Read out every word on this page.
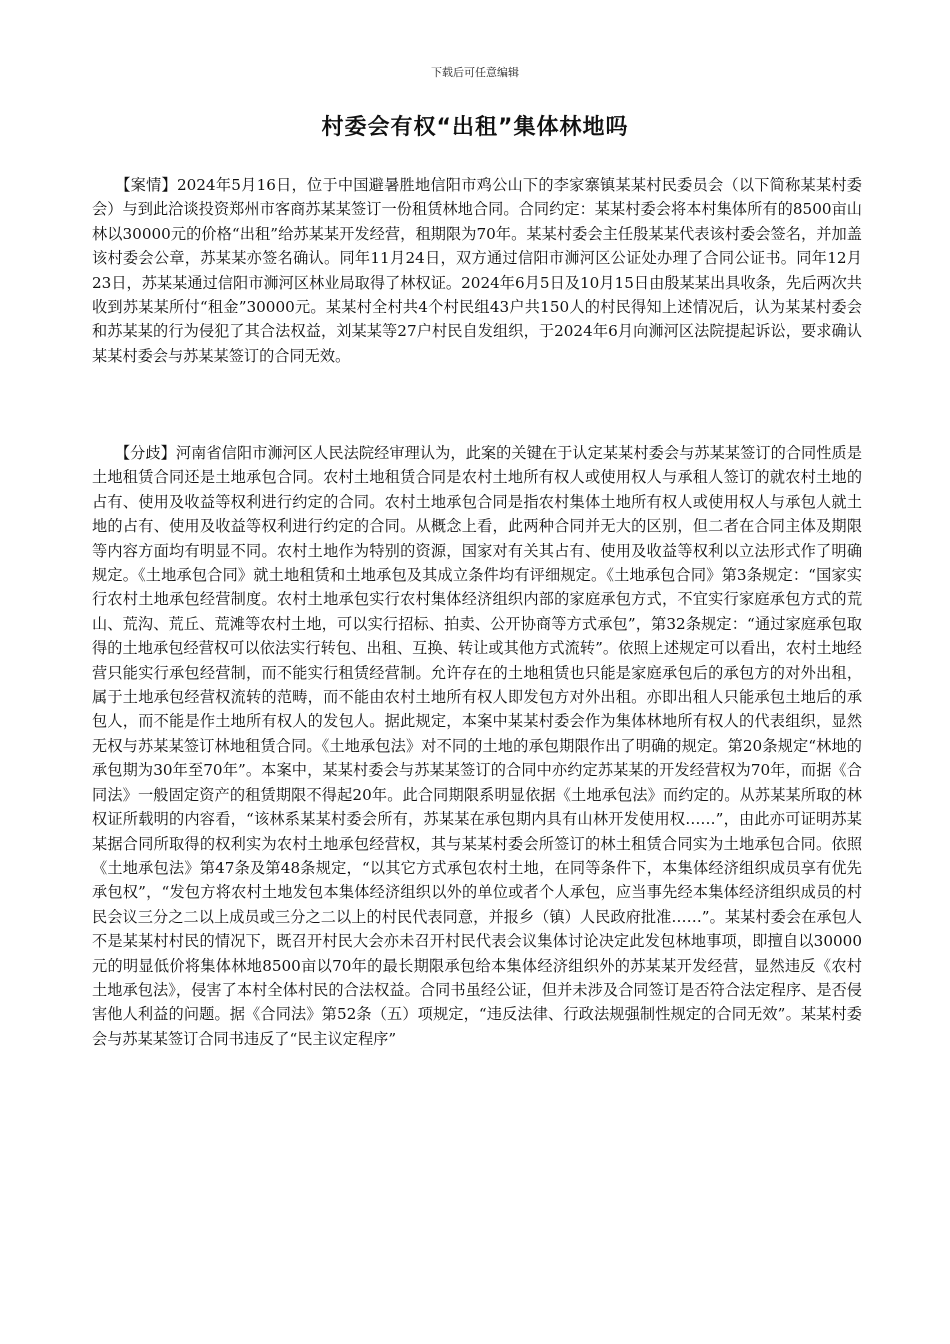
下载后可任意编辑
村委会有权“出租”集体林地吗

　　【案情】2024年5月16日，位于中国避暑胜地信阳市鸡公山下的李家寨镇某某村民委员会（以下简称某某村委会）与到此洽谈投资郑州市客商苏某某签订一份租赁林地合同。合同约定：某某村委会将本村集体所有的8500亩山林以30000元的价格“出租”给苏某某开发经营，租期限为70年。某某村委会主任殷某某代表该村委会签名，并加盖该村委会公章，苏某某亦签名确认。同年11月24日，双方通过信阳市浉河区公证处办理了合同公证书。同年12月23日，苏某某通过信阳市浉河区林业局取得了林权证。2024年6月5日及10月15日由殷某某出具收条，先后两次共收到苏某某所付“租金”30000元。某某村全村共4个村民组43户共150人的村民得知上述情况后，认为某某村委会和苏某某的行为侵犯了其合法权益，刘某某等27户村民自发组织，于2024年6月向浉河区法院提起诉讼，要求确认某某村委会与苏某某签订的合同无效。

　　【分歧】河南省信阳市浉河区人民法院经审理认为，此案的关键在于认定某某村委会与苏某某签订的合同性质是土地租赁合同还是土地承包合同。农村土地租赁合同是农村土地所有权人或使用权人与承租人签订的就农村土地的占有、使用及收益等权利进行约定的合同。农村土地承包合同是指农村集体土地所有权人或使用权人与承包人就土地的占有、使用及收益等权利进行约定的合同。从概念上看，此两种合同并无大的区别，但二者在合同主体及期限等内容方面均有明显不同。农村土地作为特别的资源，国家对有关其占有、使用及收益等权利以立法形式作了明确规定。《土地承包合同》就土地租赁和土地承包及其成立条件均有评细规定。《土地承包合同》第3条规定：“国家实行农村土地承包经营制度。农村土地承包实行农村集体经济组织内部的家庭承包方式，不宜实行家庭承包方式的荒山、荒沟、荒丘、荒滩等农村土地，可以实行招标、拍卖、公开协商等方式承包”，第32条规定：“通过家庭承包取得的土地承包经营权可以依法实行转包、出租、互换、转让或其他方式流转”。依照上述规定可以看出，农村土地经营只能实行承包经营制，而不能实行租赁经营制。允许存在的土地租赁也只能是家庭承包后的承包方的对外出租，属于土地承包经营权流转的范畴，而不能由农村土地所有权人即发包方对外出租。亦即出租人只能承包土地后的承包人，而不能是作土地所有权人的发包人。据此规定，本案中某某村委会作为集体林地所有权人的代表组织，显然无权与苏某某签订林地租赁合同。《土地承包法》对不同的土地的承包期限作出了明确的规定。第20条规定“林地的承包期为30年至70年”。本案中，某某村委会与苏某某签订的合同中亦约定苏某某的开发经营权为70年，而据《合同法》一般固定资产的租赁期限不得起20年。此合同期限系明显依据《土地承包法》而约定的。从苏某某所取的林权证所载明的内容看，“该林系某某村委会所有，苏某某在承包期内具有山林开发使用权……”，由此亦可证明苏某某据合同所取得的权利实为农村土地承包经营权，其与某某村委会所签订的林土租赁合同实为土地承包合同。依照《土地承包法》第47条及第48条规定，“以其它方式承包农村土地，在同等条件下，本集体经济组织成员享有优先承包权”，“发包方将农村土地发包本集体经济组织以外的单位或者个人承包，应当事先经本集体经济组织成员的村民会议三分之二以上成员或三分之二以上的村民代表同意，并报乡（镇）人民政府批准……”。某某村委会在承包人不是某某村村民的情况下，既召开村民大会亦未召开村民代表会议集体讨论决定此发包林地事项，即擅自以30000元的明显低价将集体林地8500亩以70年的最长期限承包给本集体经济组织外的苏某某开发经营，显然违反《农村土地承包法》，侵害了本村全体村民的合法权益。合同书虽经公证，但并未涉及合同签订是否符合法定程序、是否侵害他人利益的问题。据《合同法》第52条（五）项规定，“违反法律、行政法规强制性规定的合同无效”。某某村委会与苏某某签订合同书违反了“民主议定程序”
